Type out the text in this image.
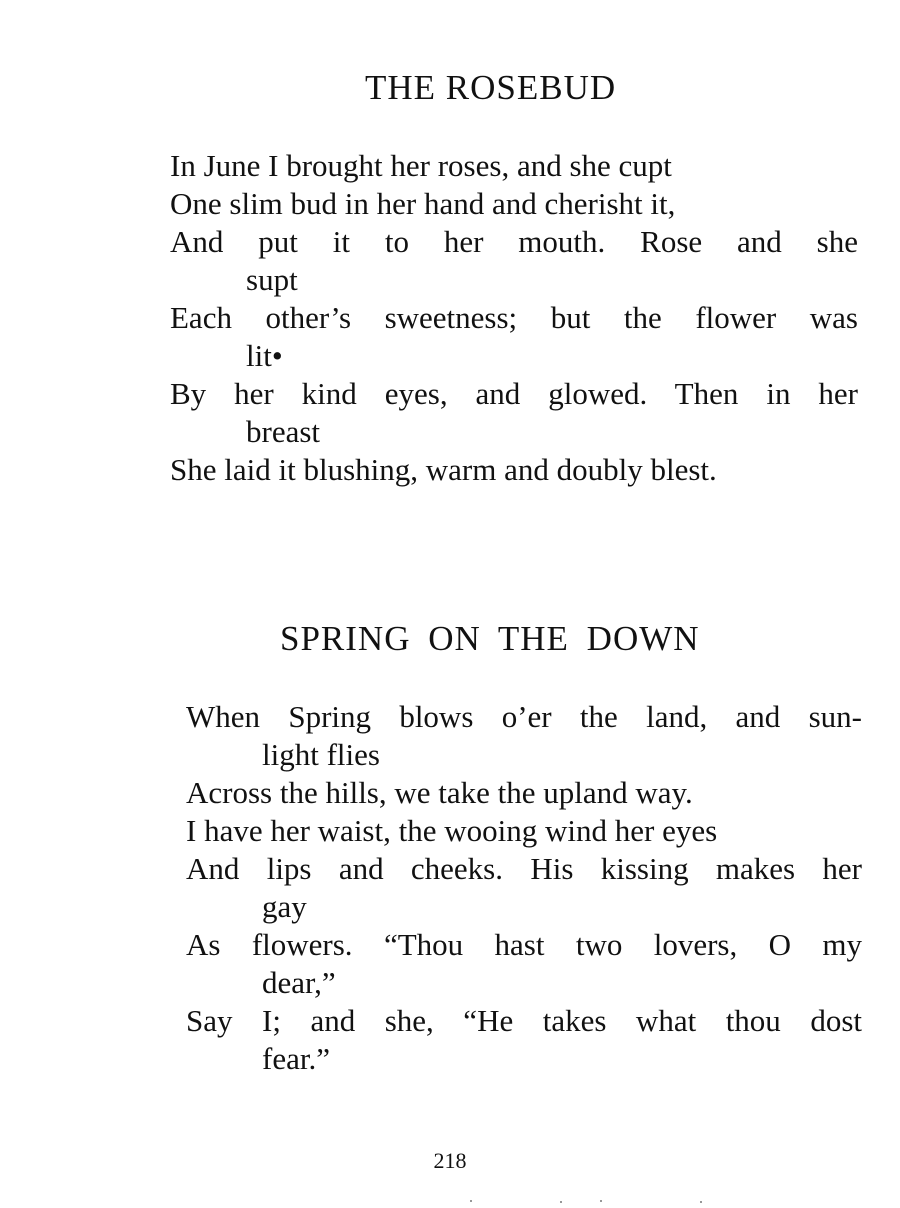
THE ROSEBUD
In June I brought her roses, and she cupt
One slim bud in her hand and cherisht it,
And put it to her mouth. Rose and she
supt
Each other’s sweetness; but the flower was
lit•
By her kind eyes, and glowed. Then in her
breast
She laid it blushing, warm and doubly blest.
SPRING ON THE DOWN
When Spring blows o’er the land, and sun-
light flies
Across the hills, we take the upland way.
I have her waist, the wooing wind her eyes
And lips and cheeks. His kissing makes her
gay
As flowers. “Thou hast two lovers, O my
dear,”
Say I; and she, “He takes what thou dost
fear.”
218
